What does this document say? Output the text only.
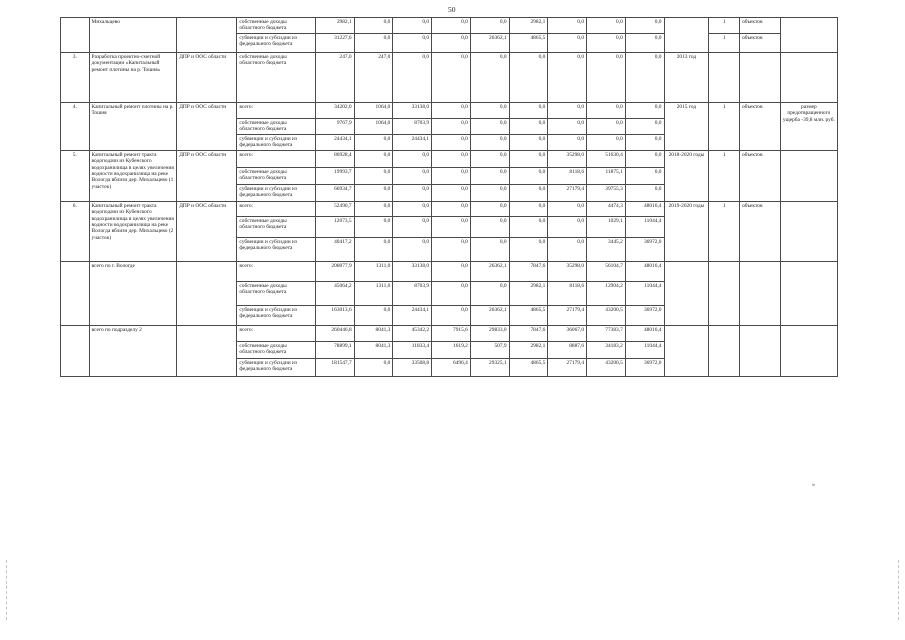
50
	Михальцево		собственные доходы областного бюджета	2982,1	0,0	0,0	0,0	0,0	2982,1	0,0	0,0	0,0		1	объектов	
			субвенции и субсидии из федерального бюджета	31227,6	0,0	0,0	0,0	26362,1	4865,5	0,0	0,0	0,0		1	объектов	
3.	Разработка проектно-сметной документации «Капитальный ремонт плотины на р. Тошня»	ДПР и ООС области	собственные доходы областного бюджета	247,0	247,0	0,0	0,0	0,0	0,0	0,0	0,0	0,0	2013 год			
4.	Капитальный ремонт плотины на р. Тошня	ДПР и ООС области	всего:	34202,0	1064,0	33138,0	0,0	0,0	0,0	0,0	0,0	0,0	2015 год	1	объектов	размер предотвращенного ущерба -39,8 млн. руб.
			собственные доходы областного бюджета	9767,9	1064,0	8703,9	0,0	0,0	0,0	0,0	0,0	0,0				
			субвенции и субсидии из федерального бюджета	24434,1	0,0	24434,1	0,0	0,0	0,0	0,0	0,0	0,0				
5.	Капитальный ремонт тракта водоподачи из Кубенского водохранилища в целях увеличения водности водохранилища на реке Вологда вблизи дер. Михальцево (1 участок)	ДПР и ООС области	всего:	86928,4	0,0	0,0	0,0	0,0	0,0	35298,0	51630,4	0,0	2018-2020 годы	1	объектов	
			собственные доходы областного бюджета	19993,7	0,0	0,0	0,0	0,0	0,0	8118,6	11875,1	0,0				
			субвенции и субсидии из федерального бюджета	66934,7	0,0	0,0	0,0	0,0	0,0	27179,4	39755,3	0,0				
6.	Капитальный ремонт тракта водоподачи из Кубенского водохранилища в целях увеличения водности водохранилища на реке Вологда вблизи дер. Михальцево (2 участок)	ДПР и ООС области	всего:	52490,7	0,0	0,0	0,0	0,0	0,0	0,0	4474,3	48016,4	2019-2020 годы	1	объектов	
			собственные доходы областного бюджета	12073,5	0,0	0,0	0,0	0,0	0,0	0,0	1029,1	11044,4				
			субвенции и субсидии из федерального бюджета	40417,2	0,0	0,0	0,0	0,0	0,0	0,0	3445,2	36972,0				
	всего по г. Вологде		всего:	208077,9	1311,0	33138,0	0,0	26362,1	7847,6	35298,0	56104,7	48016,4				
			собственные доходы областного бюджета	45064,2	1311,0	8703,9	0,0	0,0	2982,1	8118,6	12904,2	11044,4				
			субвенции и субсидии из федерального бюджета	163013,6	0,0	24434,1	0,0	26362,1	4865,5	27179,4	43200,5	36972,0				
	всего по подразделу 2		всего:	260446,8	8041,3	45342,2	7915,6	29833,0	7847,6	36067,0	77383,7	48016,4				
			собственные доходы областного бюджета	78899,1	8041,3	11833,4	1619,2	507,9	2982,1	8887,6	34183,2	11044,4				
			субвенции и субсидии из федерального бюджета	181547,7	0,0	33508,8	6496,4	29325,1	4865,5	27179,4	43200,5	36972,0				
»
